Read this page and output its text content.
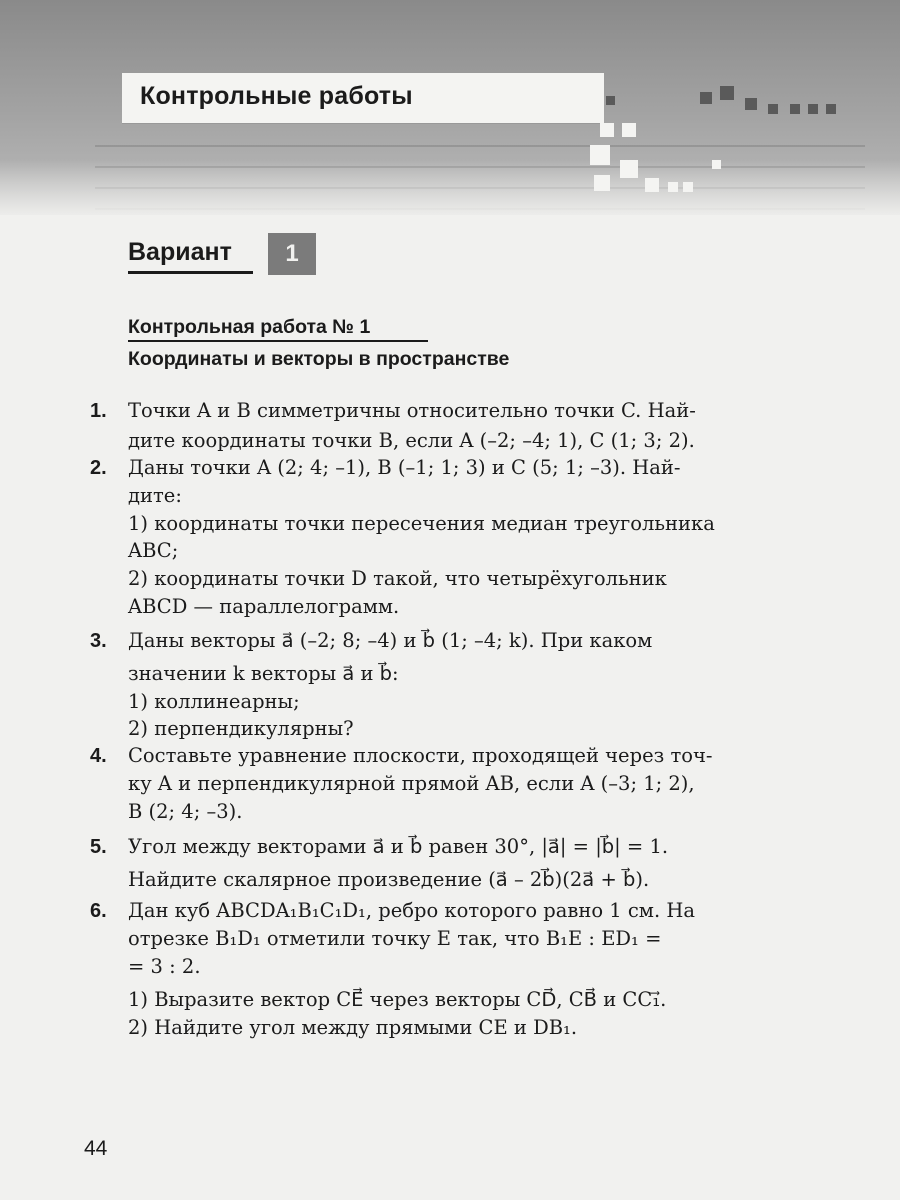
Контрольные работы
Вариант	1
Контрольная работа № 1
Координаты и векторы в пространстве
1. Точки A и B симметричны относительно точки C. Най-
дите координаты точки B, если A (–2; –4; 1), C (1; 3; 2).
2. Даны точки A (2; 4; –1), B (–1; 1; 3) и C (5; 1; –3). Най-
дите:
1) координаты точки пересечения медиан треугольника
ABC;
2) координаты точки D такой, что четырёхугольник
ABCD — параллелограмм.
3. Даны векторы a⃗ (–2; 8; –4) и b⃗ (1; –4; k). При каком
значении k векторы a⃗ и b⃗:
1) коллинеарны;
2) перпендикулярны?
4. Составьте уравнение плоскости, проходящей через точ-
ку A и перпендикулярной прямой AB, если A (–3; 1; 2),
B (2; 4; –3).
5. Угол между векторами a⃗ и b⃗ равен 30°, |a⃗| = |b⃗| = 1.
Найдите скалярное произведение (a⃗ – 2b⃗)(2a⃗ + b⃗).
6. Дан куб ABCDA₁B₁C₁D₁, ребро которого равно 1 см. На
отрезке B₁D₁ отметили точку E так, что B₁E : ED₁ =
= 3 : 2.
1) Выразите вектор CE⃗ через векторы CD⃗, CB⃗ и CC₁⃗.
2) Найдите угол между прямыми CE и DB₁.
44
